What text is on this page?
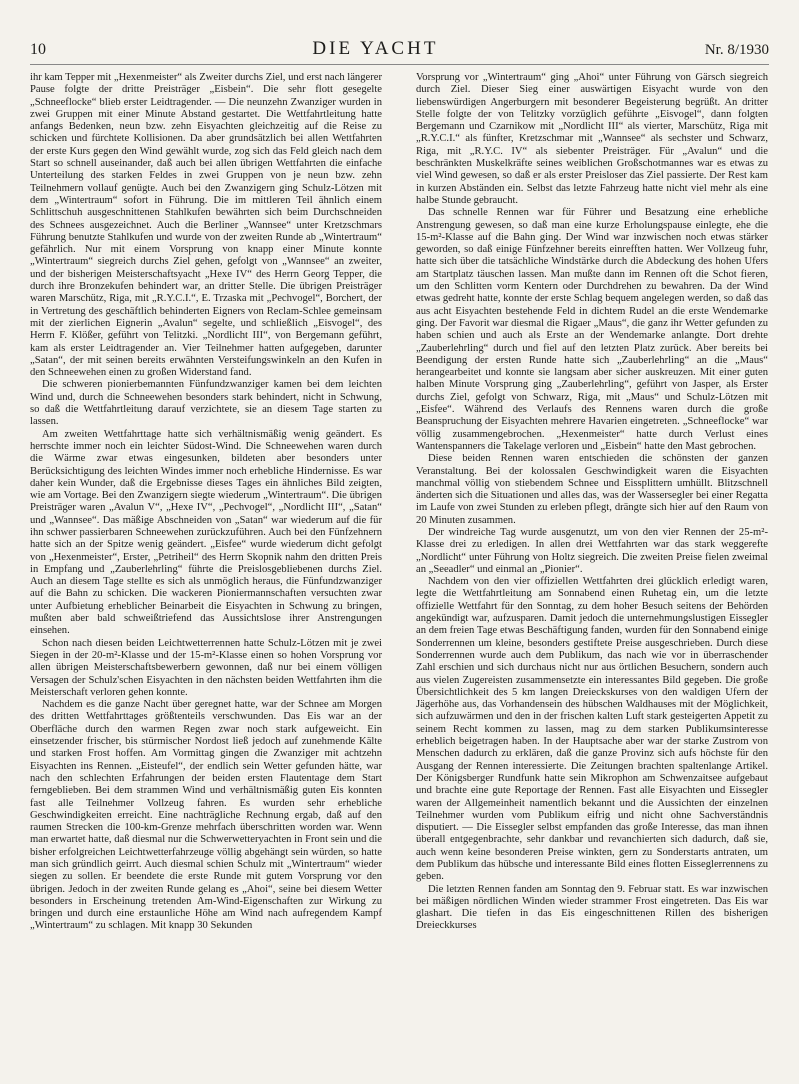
10	DIE YACHT	Nr. 8/1930

ihr kam Tepper mit „Hexenmeister“ als Zweiter durchs Ziel, und erst nach längerer Pause folgte der dritte Preisträger „Eisbein“. Die sehr flott gesegelte „Schneeflocke“ blieb erster Leidtragender. — Die neunzehn Zwanziger wurden in zwei Gruppen mit einer Minute Abstand gestartet. Die Wettfahrtleitung hatte anfangs Bedenken, neun bzw. zehn Eisyachten gleichzeitig auf die Reise zu schicken und fürchtete Kollisionen. Da aber grundsätzlich bei allen Wettfahrten der erste Kurs gegen den Wind gewählt wurde, zog sich das Feld gleich nach dem Start so schnell auseinander, daß auch bei allen übrigen Wettfahrten die einfache Unterteilung des starken Feldes in zwei Gruppen von je neun bzw. zehn Teilnehmern vollauf genügte. Auch bei den Zwanzigern ging Schulz-Lötzen mit dem „Wintertraum“ sofort in Führung. Die im mittleren Teil ähnlich einem Schlittschuh ausgeschnittenen Stahlkufen bewährten sich beim Durchschneiden des Schnees ausgezeichnet. Auch die Berliner „Wannsee“ unter Kretzschmars Führung benutzte Stahlkufen und wurde von der zweiten Runde ab „Wintertraum“ gefährlich. Nur mit einem Vorsprung von knapp einer Minute konnte „Wintertraum“ siegreich durchs Ziel gehen, gefolgt von „Wannsee“ an zweiter, und der bisherigen Meisterschaftsyacht „Hexe IV“ des Herrn Georg Tepper, die durch ihre Bronzekufen behindert war, an dritter Stelle. Die übrigen Preisträger waren Marschütz, Riga, mit „R.Y.C.I.“, E. Trzaska mit „Pechvogel“, Borchert, der in Vertretung des geschäftlich behinderten Eigners von Reclam-Schlee gemeinsam mit der zierlichen Eignerin „Avalun“ segelte, und schließlich „Eisvogel“, des Herrn F. Klößer, geführt von Telitzki. „Nordlicht III“, von Bergemann geführt, kam als erster Leidtragender an. Vier Teilnehmer hatten aufgegeben, darunter „Satan“, der mit seinen bereits erwähnten Versteifungswinkeln an den Kufen in den Schneewehen einen zu großen Widerstand fand.

Die schweren pionierbemannten Fünfundzwanziger kamen bei dem leichten Wind und, durch die Schneewehen besonders stark behindert, nicht in Schwung, so daß die Wettfahrtleitung darauf verzichtete, sie an diesem Tage starten zu lassen.

Am zweiten Wettfahrttage hatte sich verhältnismäßig wenig geändert. Es herrschte immer noch ein leichter Südost-Wind. Die Schneewehen waren durch die Wärme zwar etwas eingesunken, bildeten aber besonders unter Berücksichtigung des leichten Windes immer noch erhebliche Hindernisse. Es war daher kein Wunder, daß die Ergebnisse dieses Tages ein ähnliches Bild zeigten, wie am Vortage. Bei den Zwanzigern siegte wiederum „Wintertraum“. Die übrigen Preisträger waren „Avalun V“, „Hexe IV“, „Pechvogel“, „Nordlicht III“, „Satan“ und „Wannsee“. Das mäßige Abschneiden von „Satan“ war wiederum auf die für ihn schwer passierbaren Schneewehen zurückzuführen. Auch bei den Fünfzehnern hatte sich an der Spitze wenig geändert. „Eisfee“ wurde wiederum dicht gefolgt von „Hexenmeister“, Erster, „Petriheil“ des Herrn Skopnik nahm den dritten Preis in Empfang und „Zauberlehrling“ führte die Preislosgebliebenen durchs Ziel. Auch an diesem Tage stellte es sich als unmöglich heraus, die Fünfundzwanziger auf die Bahn zu schicken. Die wackeren Pioniermannschaften versuchten zwar unter Aufbietung erheblicher Beinarbeit die Eisyachten in Schwung zu bringen, mußten aber bald schweißtriefend das Aussichtslose ihrer Anstrengungen einsehen.

Schon nach diesen beiden Leichtwetterrennen hatte Schulz-Lötzen mit je zwei Siegen in der 20-m²-Klasse und der 15-m²-Klasse einen so hohen Vorsprung vor allen übrigen Meisterschaftsbewerbern gewonnen, daß nur bei einem völligen Versagen der Schulz'schen Eisyachten in den nächsten beiden Wettfahrten ihm die Meisterschaft verloren gehen konnte.

Nachdem es die ganze Nacht über geregnet hatte, war der Schnee am Morgen des dritten Wettfahrttages größtenteils verschwunden. Das Eis war an der Oberfläche durch den warmen Regen zwar noch stark aufgeweicht. Ein einsetzender frischer, bis stürmischer Nordost ließ jedoch auf zunehmende Kälte und starken Frost hoffen. Am Vormittag gingen die Zwanziger mit achtzehn Eisyachten ins Rennen. „Eisteufel“, der endlich sein Wetter gefunden hätte, war nach den schlechten Erfahrungen der beiden ersten Flautentage dem Start ferngeblieben. Bei dem strammen Wind und verhältnismäßig guten Eis konnten fast alle Teilnehmer Vollzeug fahren. Es wurden sehr erhebliche Geschwindigkeiten erreicht. Eine nachträgliche Rechnung ergab, daß auf den raumen Strecken die 100-km-Grenze mehrfach überschritten worden war. Wenn man erwartet hatte, daß diesmal nur die Schwerwetteryachten in Front sein und die bisher erfolgreichen Leichtwetterfahrzeuge völlig abgehängt sein würden, so hatte man sich gründlich geirrt. Auch diesmal schien Schulz mit „Wintertraum“ wieder siegen zu sollen. Er beendete die erste Runde mit gutem Vorsprung vor den übrigen. Jedoch in der zweiten Runde gelang es „Ahoi“, seine bei diesem Wetter besonders in Erscheinung tretenden Am-Wind-Eigenschaften zur Wirkung zu bringen und durch eine erstaunliche Höhe am Wind nach aufregendem Kampf „Wintertraum“ zu schlagen. Mit knapp 30 Sekunden

Vorsprung vor „Wintertraum“ ging „Ahoi“ unter Führung von Gärsch siegreich durch Ziel. Dieser Sieg einer auswärtigen Eisyacht wurde von den liebenswürdigen Angerburgern mit besonderer Begeisterung begrüßt. An dritter Stelle folgte der von Telitzky vorzüglich geführte „Eisvogel“, dann folgten Bergemann und Czarnikow mit „Nordlicht III“ als vierter, Marschütz, Riga mit „R.Y.C.I.“ als fünfter, Kretzschmar mit „Wannsee“ als sechster und Schwarz, Riga, mit „R.Y.C. IV“ als siebenter Preisträger. Für „Avalun“ und die beschränkten Muskelkräfte seines weiblichen Großschotmannes war es etwas zu viel Wind gewesen, so daß er als erster Preisloser das Ziel passierte. Der Rest kam in kurzen Abständen ein. Selbst das letzte Fahrzeug hatte nicht viel mehr als eine halbe Stunde gebraucht.

Das schnelle Rennen war für Führer und Besatzung eine erhebliche Anstrengung gewesen, so daß man eine kurze Erholungspause einlegte, ehe die 15-m²-Klasse auf die Bahn ging. Der Wind war inzwischen noch etwas stärker geworden, so daß einige Fünfzehner bereits einrefften hatten. Wer Vollzeug fuhr, hatte sich über die tatsächliche Windstärke durch die Abdeckung des hohen Ufers am Startplatz täuschen lassen. Man mußte dann im Rennen oft die Schot fieren, um den Schlitten vorm Kentern oder Durchdrehen zu bewahren. Da der Wind etwas gedreht hatte, konnte der erste Schlag bequem angelegen werden, so daß das aus acht Eisyachten bestehende Feld in dichtem Rudel an die erste Wendemarke ging. Der Favorit war diesmal die Rigaer „Maus“, die ganz ihr Wetter gefunden zu haben schien und auch als Erste an der Wendemarke anlangte. Dort drehte „Zauberlehrling“ durch und fiel auf den letzten Platz zurück. Aber bereits bei Beendigung der ersten Runde hatte sich „Zauberlehrling“ an die „Maus“ herangearbeitet und konnte sie langsam aber sicher auskreuzen. Mit einer guten halben Minute Vorsprung ging „Zauberlehrling“, geführt von Jasper, als Erster durchs Ziel, gefolgt von Schwarz, Riga, mit „Maus“ und Schulz-Lötzen mit „Eisfee“. Während des Verlaufs des Rennens waren durch die große Beanspruchung der Eisyachten mehrere Havarien eingetreten. „Schneeflocke“ war völlig zusammengebrochen. „Hexenmeister“ hatte durch Verlust eines Wantenspanners die Takelage verloren und „Eisbein“ hatte den Mast gebrochen.

Diese beiden Rennen waren entschieden die schönsten der ganzen Veranstaltung. Bei der kolossalen Geschwindigkeit waren die Eisyachten manchmal völlig von stiebendem Schnee und Eissplittern umhüllt. Blitzschnell änderten sich die Situationen und alles das, was der Wassersegler bei einer Regatta im Laufe von zwei Stunden zu erleben pflegt, drängte sich hier auf den Raum von 20 Minuten zusammen.

Der windreiche Tag wurde ausgenutzt, um von den vier Rennen der 25-m²-Klasse drei zu erledigen. In allen drei Wettfahrten war das stark weggerefte „Nordlicht“ unter Führung von Holtz siegreich. Die zweiten Preise fielen zweimal an „Seeadler“ und einmal an „Pionier“.

Nachdem von den vier offiziellen Wettfahrten drei glücklich erledigt waren, legte die Wettfahrtleitung am Sonnabend einen Ruhetag ein, um die letzte offizielle Wettfahrt für den Sonntag, zu dem hoher Besuch seitens der Behörden angekündigt war, aufzusparen. Damit jedoch die unternehmungslustigen Eissegler an dem freien Tage etwas Beschäftigung fanden, wurden für den Sonnabend einige Sonderrennen um kleine, besonders gestiftete Preise ausgeschrieben. Durch diese Sonderrennen wurde auch dem Publikum, das nach wie vor in überraschender Zahl erschien und sich durchaus nicht nur aus örtlichen Besuchern, sondern auch aus vielen Zugereisten zusammensetzte ein interessantes Bild gegeben. Die große Übersichtlichkeit des 5 km langen Dreieckskurses von den waldigen Ufern der Jägerhöhe aus, das Vorhandensein des hübschen Waldhauses mit der Möglichkeit, sich aufzuwärmen und den in der frischen kalten Luft stark gesteigerten Appetit zu seinem Recht kommen zu lassen, mag zu dem starken Publikumsinteresse erheblich beigetragen haben. In der Hauptsache aber war der starke Zustrom von Menschen dadurch zu erklären, daß die ganze Provinz sich aufs höchste für den Ausgang der Rennen interessierte. Die Zeitungen brachten spaltenlange Artikel. Der Königsberger Rundfunk hatte sein Mikrophon am Schwenzaitsee aufgebaut und brachte eine gute Reportage der Rennen. Fast alle Eisyachten und Eissegler waren der Allgemeinheit namentlich bekannt und die Aussichten der einzelnen Teilnehmer wurden vom Publikum eifrig und nicht ohne Sachverständnis disputiert. — Die Eissegler selbst empfanden das große Interesse, das man ihnen überall entgegenbrachte, sehr dankbar und revanchierten sich dadurch, daß sie, auch wenn keine besonderen Preise winkten, gern zu Sonderstarts antraten, um dem Publikum das hübsche und interessante Bild eines flotten Eisseglerrennens zu geben.

Die letzten Rennen fanden am Sonntag den 9. Februar statt. Es war inzwischen bei mäßigen nördlichen Winden wieder strammer Frost eingetreten. Das Eis war glashart. Die tiefen in das Eis eingeschnittenen Rillen des bisherigen Dreieckkurses
